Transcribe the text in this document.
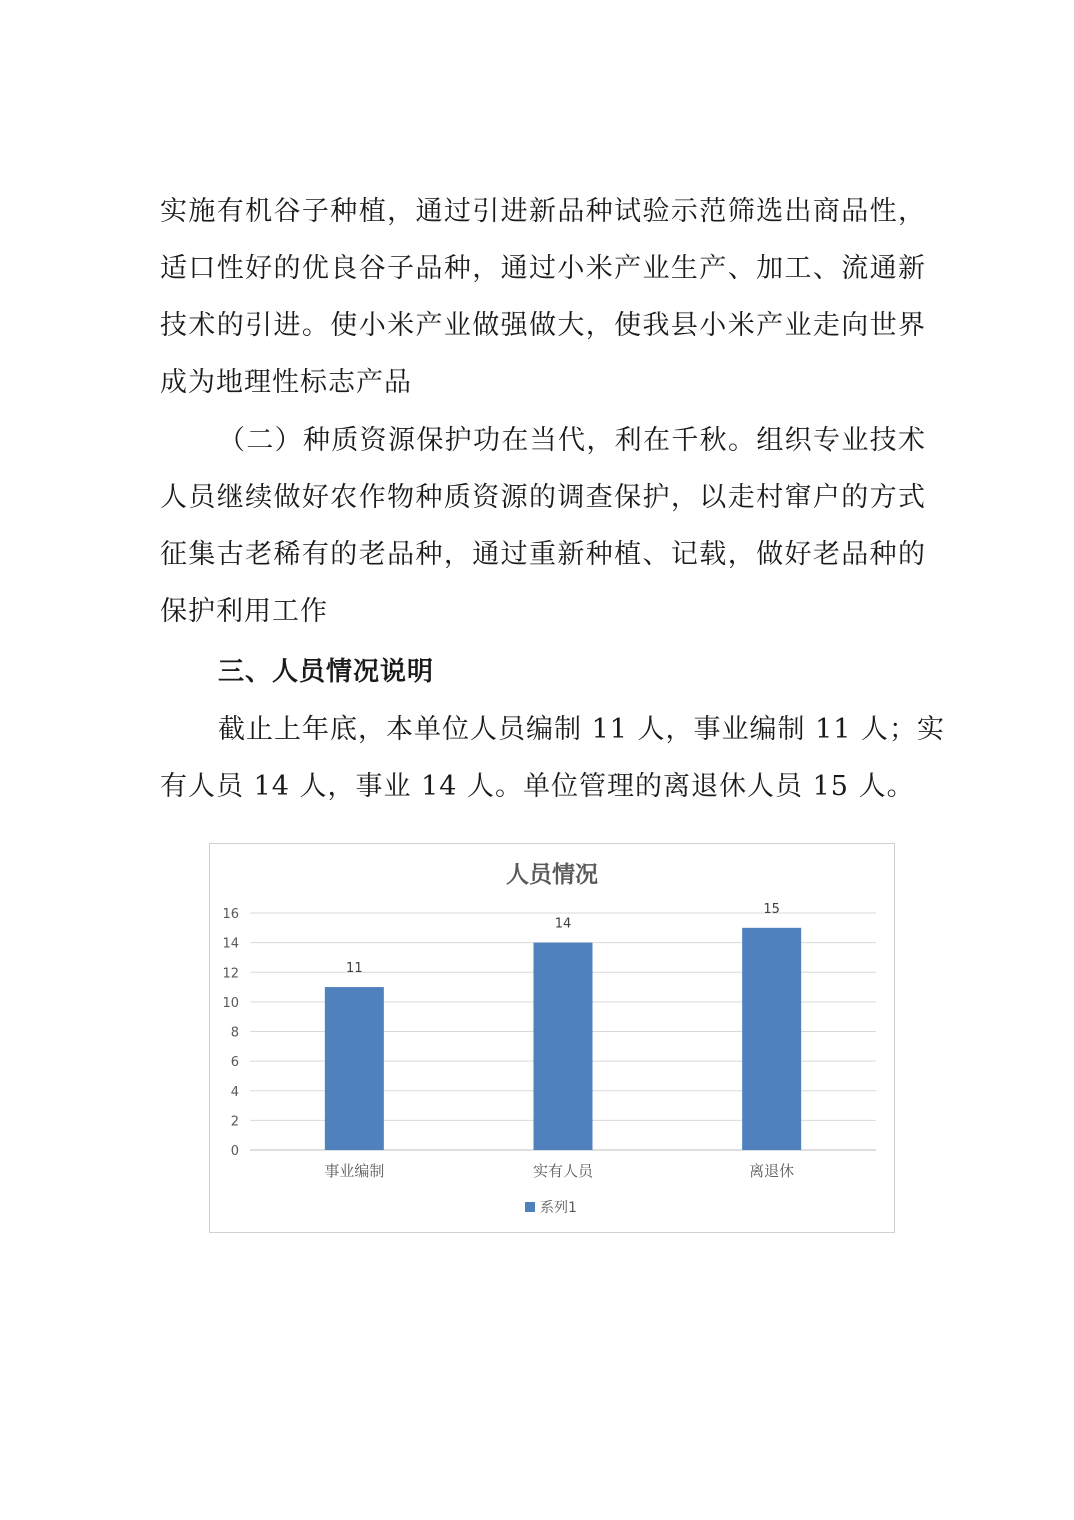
实施有机谷子种植，通过引进新品种试验示范筛选出商品性，
适口性好的优良谷子品种，通过小米产业生产、加工、流通新
技术的引进。使小米产业做强做大，使我县小米产业走向世界
成为地理性标志产品
（二）种质资源保护功在当代，利在千秋。组织专业技术
人员继续做好农作物种质资源的调查保护，以走村窜户的方式
征集古老稀有的老品种，通过重新种植、记载，做好老品种的
保护利用工作
三、人员情况说明
截止上年底，本单位人员编制 11 人，事业编制 11 人；实
有人员 14 人，事业 14 人。单位管理的离退休人员 15 人。
人员情况
0
2
4
6
8
10
12
14
16
11
事业编制
14
实有人员
15
离退休
系列1
